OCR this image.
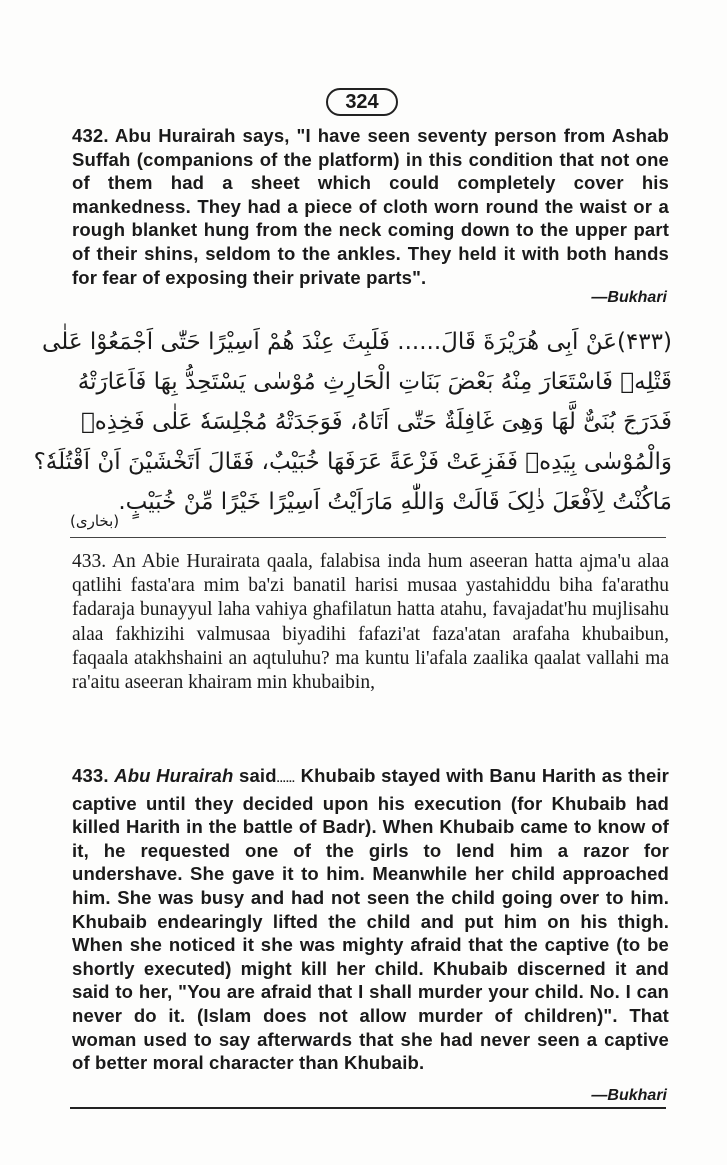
324

432. Abu Hurairah says, "I have seen seventy person from Ashab Suffah (companions of the platform) in this condition that not one of them had a sheet which could completely cover his mankedness. They had a piece of cloth worn round the waist or a rough blanket hung from the neck coming down to the upper part of their shins, seldom to the ankles. They held it with both hands for fear of exposing their private parts".

—Bukhari
(۴۳۳)عَنْ اَبِی هُرَیْرَةَ قَالَ...... فَلَبِثَ عِنْدَ هُمْ اَسِیْرًا حَتّٰی اَجْمَعُوْا عَلٰی
قَتْلِهٖ فَاسْتَعَارَ مِنْهُ بَعْضَ بَنَاتِ الْحَارِثِ مُوْسٰی یَسْتَحِدُّ بِهَا فَاَعَارَتْهُ
فَدَرَجَ بُنَیٌّ لَّهَا وَهِیَ غَافِلَةٌ حَتّٰی اَتَاهُ، فَوَجَدَتْهُ مُجْلِسَهٗ عَلٰی فَخِذِهٖ
وَالْمُوْسٰی بِیَدِهٖ فَفَزِعَتْ فَزْعَةً عَرَفَهَا خُبَیْبٌ، فَقَالَ اَتَخْشَیْنَ اَنْ اَقْتُلَهٗ؟
مَاکُنْتُ لِاَفْعَلَ ذٰلِکَ قَالَتْ وَاللّٰهِ مَارَاَیْتُ اَسِیْرًا خَیْرًا مِّنْ خُبَیْبٍ.
(بخاری)

433. An Abie Hurairata qaala, falabisa inda hum aseeran hatta ajma'u alaa qatlihi fasta'ara mim ba'zi banatil harisi musaa yastahiddu biha fa'arathu fadaraja bunayyul laha vahiya ghafilatun hatta atahu, favajadat'hu mujlisahu alaa fakhizihi valmusaa biyadihi fafazi'at faza'atan arafaha khubaibun, faqaala atakhshaini an aqtuluhu? ma kuntu li'afala zaalika qaalat vallahi ma ra'aitu aseeran khairam min khubaibin,

433. Abu Hurairah said...... Khubaib stayed with Banu Harith as their captive until they decided upon his execution (for Khubaib had killed Harith in the battle of Badr). When Khubaib came to know of it, he requested one of the girls to lend him a razor for undershave. She gave it to him. Meanwhile her child approached him. She was busy and had not seen the child going over to him. Khubaib endearingly lifted the child and put him on his thigh. When she noticed it she was mighty afraid that the captive (to be shortly executed) might kill her child. Khubaib discerned it and said to her, "You are afraid that I shall murder your child. No. I can never do it. (Islam does not allow murder of children)". That woman used to say afterwards that she had never seen a captive of better moral character than Khubaib.

—Bukhari
